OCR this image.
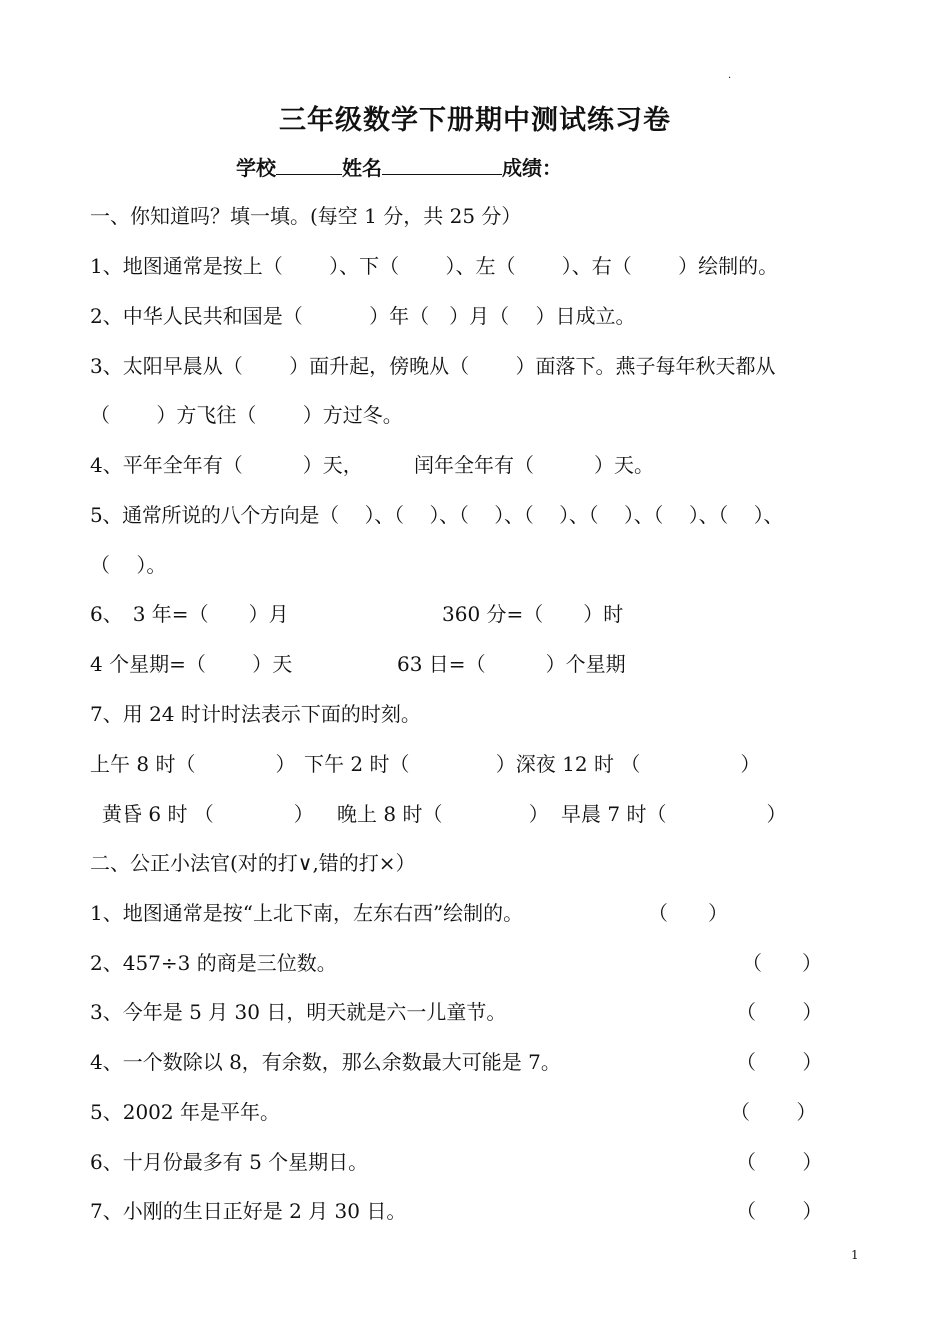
·
三年级数学下册期中测试练习卷
学校	姓名	成绩：
一、你知道吗？填一填。(每空 1 分，共 25 分）
1、地图通常是按上（　　 ）、下（　　 ）、左（　　 ）、右（　　 ）绘制的。
2、中华人民共和国是（　　　 ）年（　）月（　 ）日成立。
3、太阳早晨从（　　 ）面升起，傍晚从（　　 ）面落下。燕子每年秋天都从
（　　 ）方飞往（　　 ）方过冬。
4、平年全年有（　　　）天，	闰年全年有（　　　）天。
5、通常所说的八个方向是（　 ）、（　 ）、（　 ）、（　 ）、（　 ）、（　 ）、（　 ）、
（　 ）。
6、　3 年=（　　）月	360 分=（　　）时
4 个星期=（　　 ）天	63 日=（　　　）个星期
7、用 24 时计时法表示下面的时刻。
上午 8 时（　　　　） 下午 2 时（　　　　 ）深夜 12 时 （　　　　　）
黄昏 6 时 （　　　　） 晚上 8 时（　　　　 ） 早晨 7 时（　　　　　）
二、公正小法官(对的打∨,错的打×）
1、地图通常是按“上北下南，左东右西”绘制的。	（　　）
2、457÷3 的商是三位数。	（　　）
3、今年是 5 月 30 日，明天就是六一儿童节。	（　　 ）
4、一个数除以 8，有余数，那么余数最大可能是 7。	（　　 ）
5、2002 年是平年。	（　　 ）
6、十月份最多有 5 个星期日。	（　　 ）
7、小刚的生日正好是 2 月 30 日。	（　　 ）
1
